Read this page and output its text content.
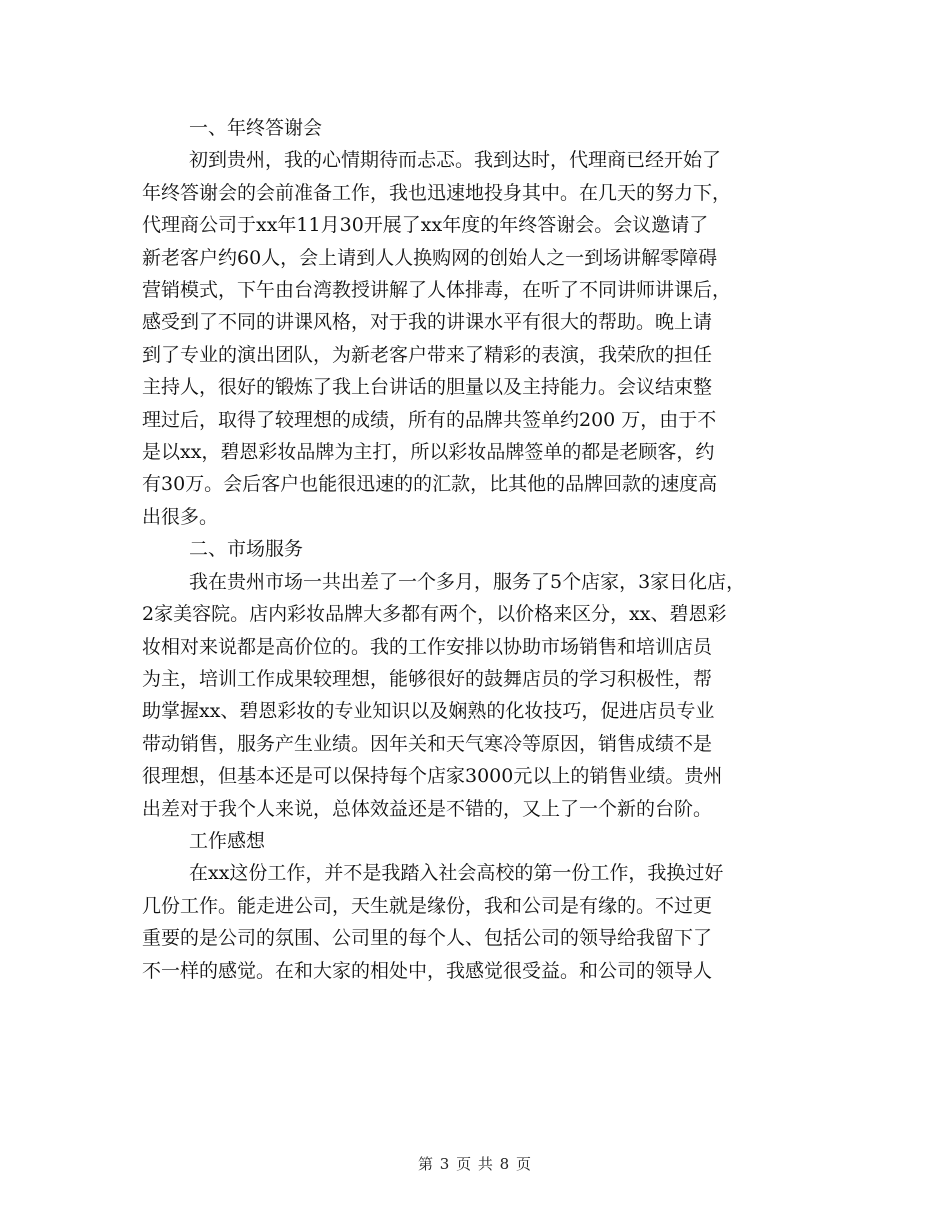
一、年终答谢会
初到贵州，我的心情期待而忐忑。我到达时，代理商已经开始了
年终答谢会的会前准备工作，我也迅速地投身其中。在几天的努力下，
代理商公司于xx年11月30开展了xx年度的年终答谢会。会议邀请了
新老客户约60人，会上请到人人换购网的创始人之一到场讲解零障碍
营销模式，下午由台湾教授讲解了人体排毒，在听了不同讲师讲课后，
感受到了不同的讲课风格，对于我的讲课水平有很大的帮助。晚上请
到了专业的演出团队，为新老客户带来了精彩的表演，我荣欣的担任
主持人，很好的锻炼了我上台讲话的胆量以及主持能力。会议结束整
理过后，取得了较理想的成绩，所有的品牌共签单约200 万，由于不
是以xx，碧恩彩妆品牌为主打，所以彩妆品牌签单的都是老顾客，约
有30万。会后客户也能很迅速的的汇款，比其他的品牌回款的速度高
出很多。
二、市场服务
我在贵州市场一共出差了一个多月，服务了5个店家，3家日化店，
2家美容院。店内彩妆品牌大多都有两个，以价格来区分，xx、碧恩彩
妆相对来说都是高价位的。我的工作安排以协助市场销售和培训店员
为主，培训工作成果较理想，能够很好的鼓舞店员的学习积极性，帮
助掌握xx、碧恩彩妆的专业知识以及娴熟的化妆技巧，促进店员专业
带动销售，服务产生业绩。因年关和天气寒冷等原因，销售成绩不是
很理想，但基本还是可以保持每个店家3000元以上的销售业绩。贵州
出差对于我个人来说，总体效益还是不错的，又上了一个新的台阶。
工作感想
在xx这份工作，并不是我踏入社会高校的第一份工作，我换过好
几份工作。能走进公司，天生就是缘份，我和公司是有缘的。不过更
重要的是公司的氛围、公司里的每个人、包括公司的领导给我留下了
不一样的感觉。在和大家的相处中，我感觉很受益。和公司的领导人
第 3 页 共 8 页
